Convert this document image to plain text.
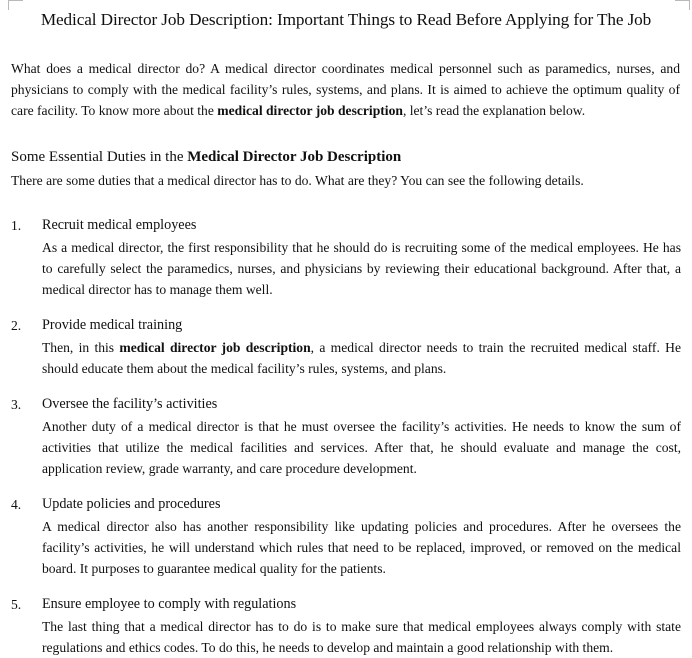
Medical Director Job Description: Important Things to Read Before Applying for The Job

What does a medical director do? A medical director coordinates medical personnel such as paramedics, nurses, and physicians to comply with the medical facility’s rules, systems, and plans. It is aimed to achieve the optimum quality of care facility. To know more about the medical director job description, let’s read the explanation below.

Some Essential Duties in the Medical Director Job Description

There are some duties that a medical director has to do. What are they? You can see the following details.

1.	Recruit medical employees

As a medical director, the first responsibility that he should do is recruiting some of the medical employees. He has to carefully select the paramedics, nurses, and physicians by reviewing their educational background. After that, a medical director has to manage them well.

2.	Provide medical training

Then, in this medical director job description, a medical director needs to train the recruited medical staff. He should educate them about the medical facility’s rules, systems, and plans.

3.	Oversee the facility’s activities

Another duty of a medical director is that he must oversee the facility’s activities. He needs to know the sum of activities that utilize the medical facilities and services. After that, he should evaluate and manage the cost, application review, grade warranty, and care procedure development.

4.	Update policies and procedures

A medical director also has another responsibility like updating policies and procedures. After he oversees the facility’s activities, he will understand which rules that need to be replaced, improved, or removed on the medical board. It purposes to guarantee medical quality for the patients.

5.	Ensure employee to comply with regulations

The last thing that a medical director has to do is to make sure that medical employees always comply with state regulations and ethics codes. To do this, he needs to develop and maintain a good relationship with them.
